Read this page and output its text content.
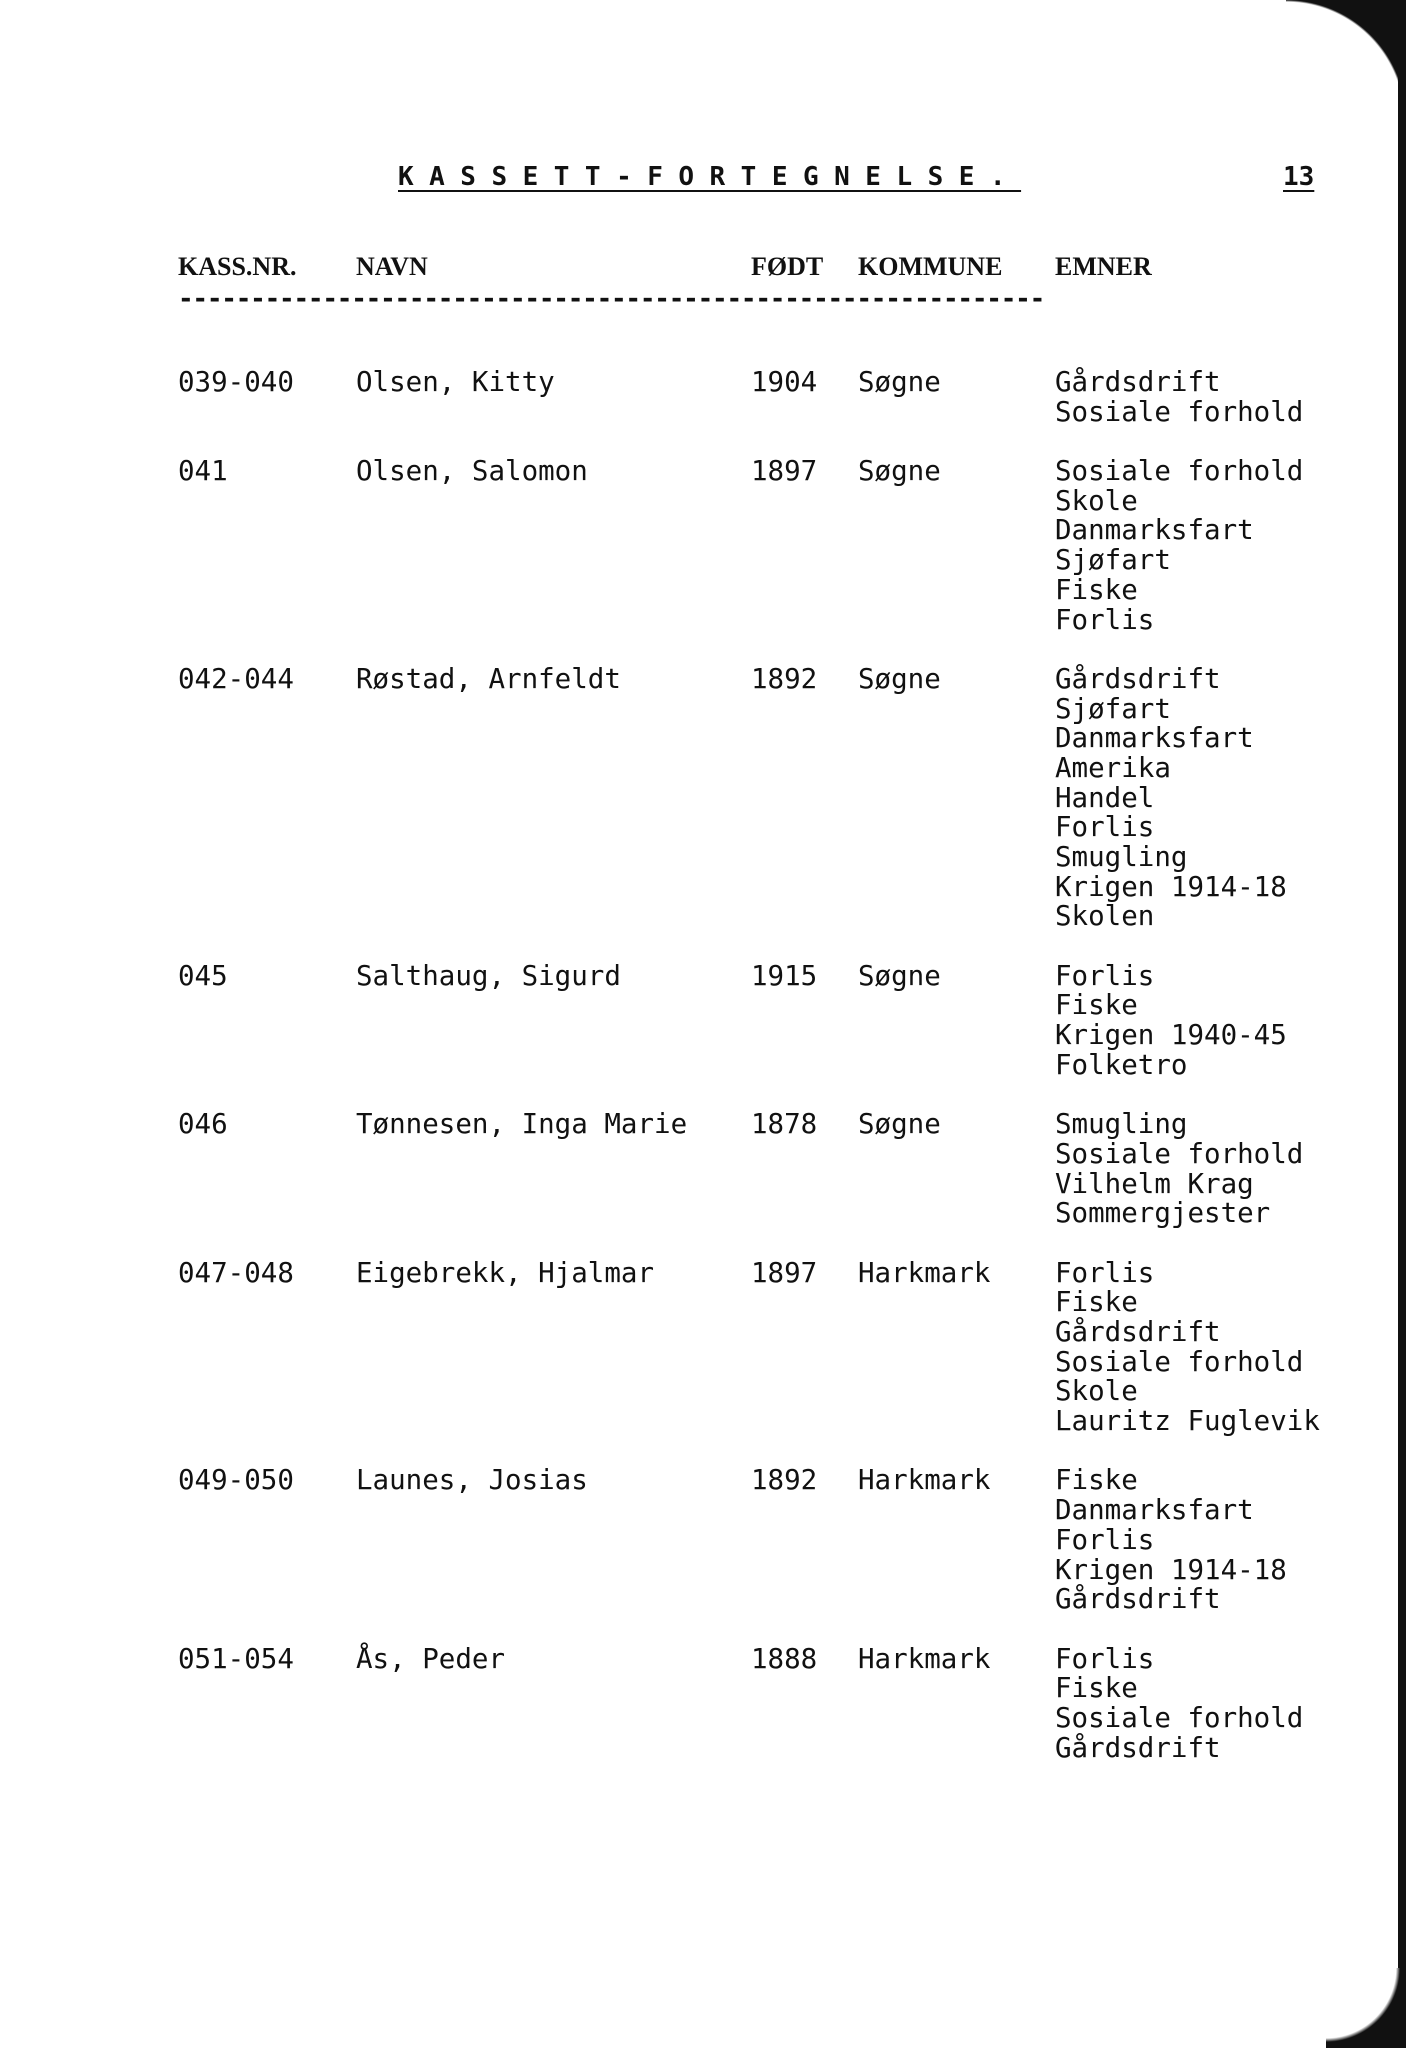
KASSETT-FORTEGNELSE.	13
KASS.NR. NAVN	FØDT KOMMUNE EMNER
------------------------------------------------------------
039-040 Olsen, Kitty	1904 Søgne	Gårdsdrift
Sosiale forhold
041	Olsen, Salomon	1897 Søgne	Sosiale forhold
Skole
Danmarksfart
Sjøfart
Fiske
Forlis
042-044 Røstad, Arnfeldt	1892 Søgne	Gårdsdrift
Sjøfart
Danmarksfart
Amerika
Handel
Forlis
Smugling
Krigen 1914-18
Skolen
045	Salthaug, Sigurd	1915 Søgne	Forlis
Fiske
Krigen 1940-45
Folketro
046	Tønnesen, Inga Marie 1878 Søgne	Smugling
Sosiale forhold
Vilhelm Krag
Sommergjester
047-048 Eigebrekk, Hjalmar	1897 Harkmark Forlis
Fiske
Gårdsdrift
Sosiale forhold
Skole
Lauritz Fuglevik
049-050 Launes, Josias	1892 Harkmark Fiske
Danmarksfart
Forlis
Krigen 1914-18
Gårdsdrift
051-054 Ås, Peder	1888 Harkmark Forlis
Fiske
Sosiale forhold
Gårdsdrift
